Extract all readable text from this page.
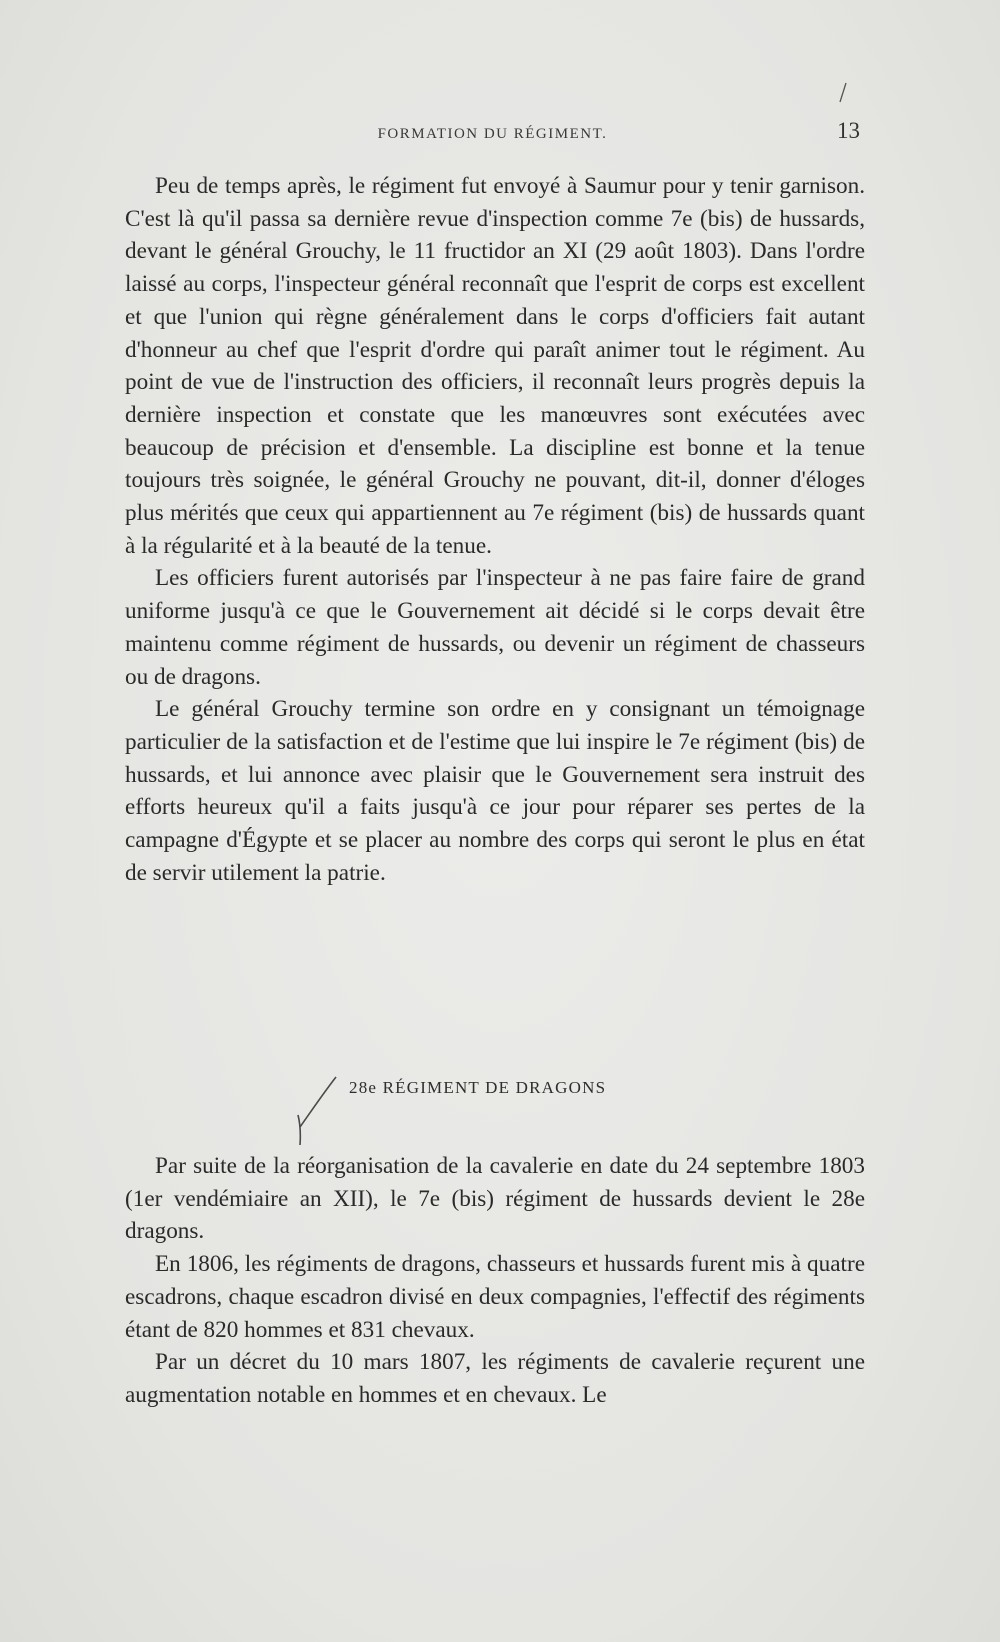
FORMATION DU RÉGIMENT.	13

Peu de temps après, le régiment fut envoyé à Saumur pour y tenir garnison. C'est là qu'il passa sa dernière revue d'inspection comme 7e (bis) de hussards, devant le général Grouchy, le 11 fructidor an XI (29 août 1803). Dans l'ordre laissé au corps, l'inspecteur général reconnaît que l'esprit de corps est excellent et que l'union qui règne généralement dans le corps d'officiers fait autant d'honneur au chef que l'esprit d'ordre qui paraît animer tout le régiment. Au point de vue de l'instruction des officiers, il reconnaît leurs progrès depuis la dernière inspection et constate que les manœuvres sont exécutées avec beaucoup de précision et d'ensemble. La discipline est bonne et la tenue toujours très soignée, le général Grouchy ne pouvant, dit-il, donner d'éloges plus mérités que ceux qui appartiennent au 7e régiment (bis) de hussards quant à la régularité et à la beauté de la tenue.

Les officiers furent autorisés par l'inspecteur à ne pas faire faire de grand uniforme jusqu'à ce que le Gouvernement ait décidé si le corps devait être maintenu comme régiment de hussards, ou devenir un régiment de chasseurs ou de dragons.

Le général Grouchy termine son ordre en y consignant un témoignage particulier de la satisfaction et de l'estime que lui inspire le 7e régiment (bis) de hussards, et lui annonce avec plaisir que le Gouvernement sera instruit des efforts heureux qu'il a faits jusqu'à ce jour pour réparer ses pertes de la campagne d'Égypte et se placer au nombre des corps qui seront le plus en état de servir utilement la patrie.

28e RÉGIMENT DE DRAGONS

Par suite de la réorganisation de la cavalerie en date du 24 septembre 1803 (1er vendémiaire an XII), le 7e (bis) régiment de hussards devient le 28e dragons.

En 1806, les régiments de dragons, chasseurs et hussards furent mis à quatre escadrons, chaque escadron divisé en deux compagnies, l'effectif des régiments étant de 820 hommes et 831 chevaux.

Par un décret du 10 mars 1807, les régiments de cavalerie reçurent une augmentation notable en hommes et en chevaux. Le
